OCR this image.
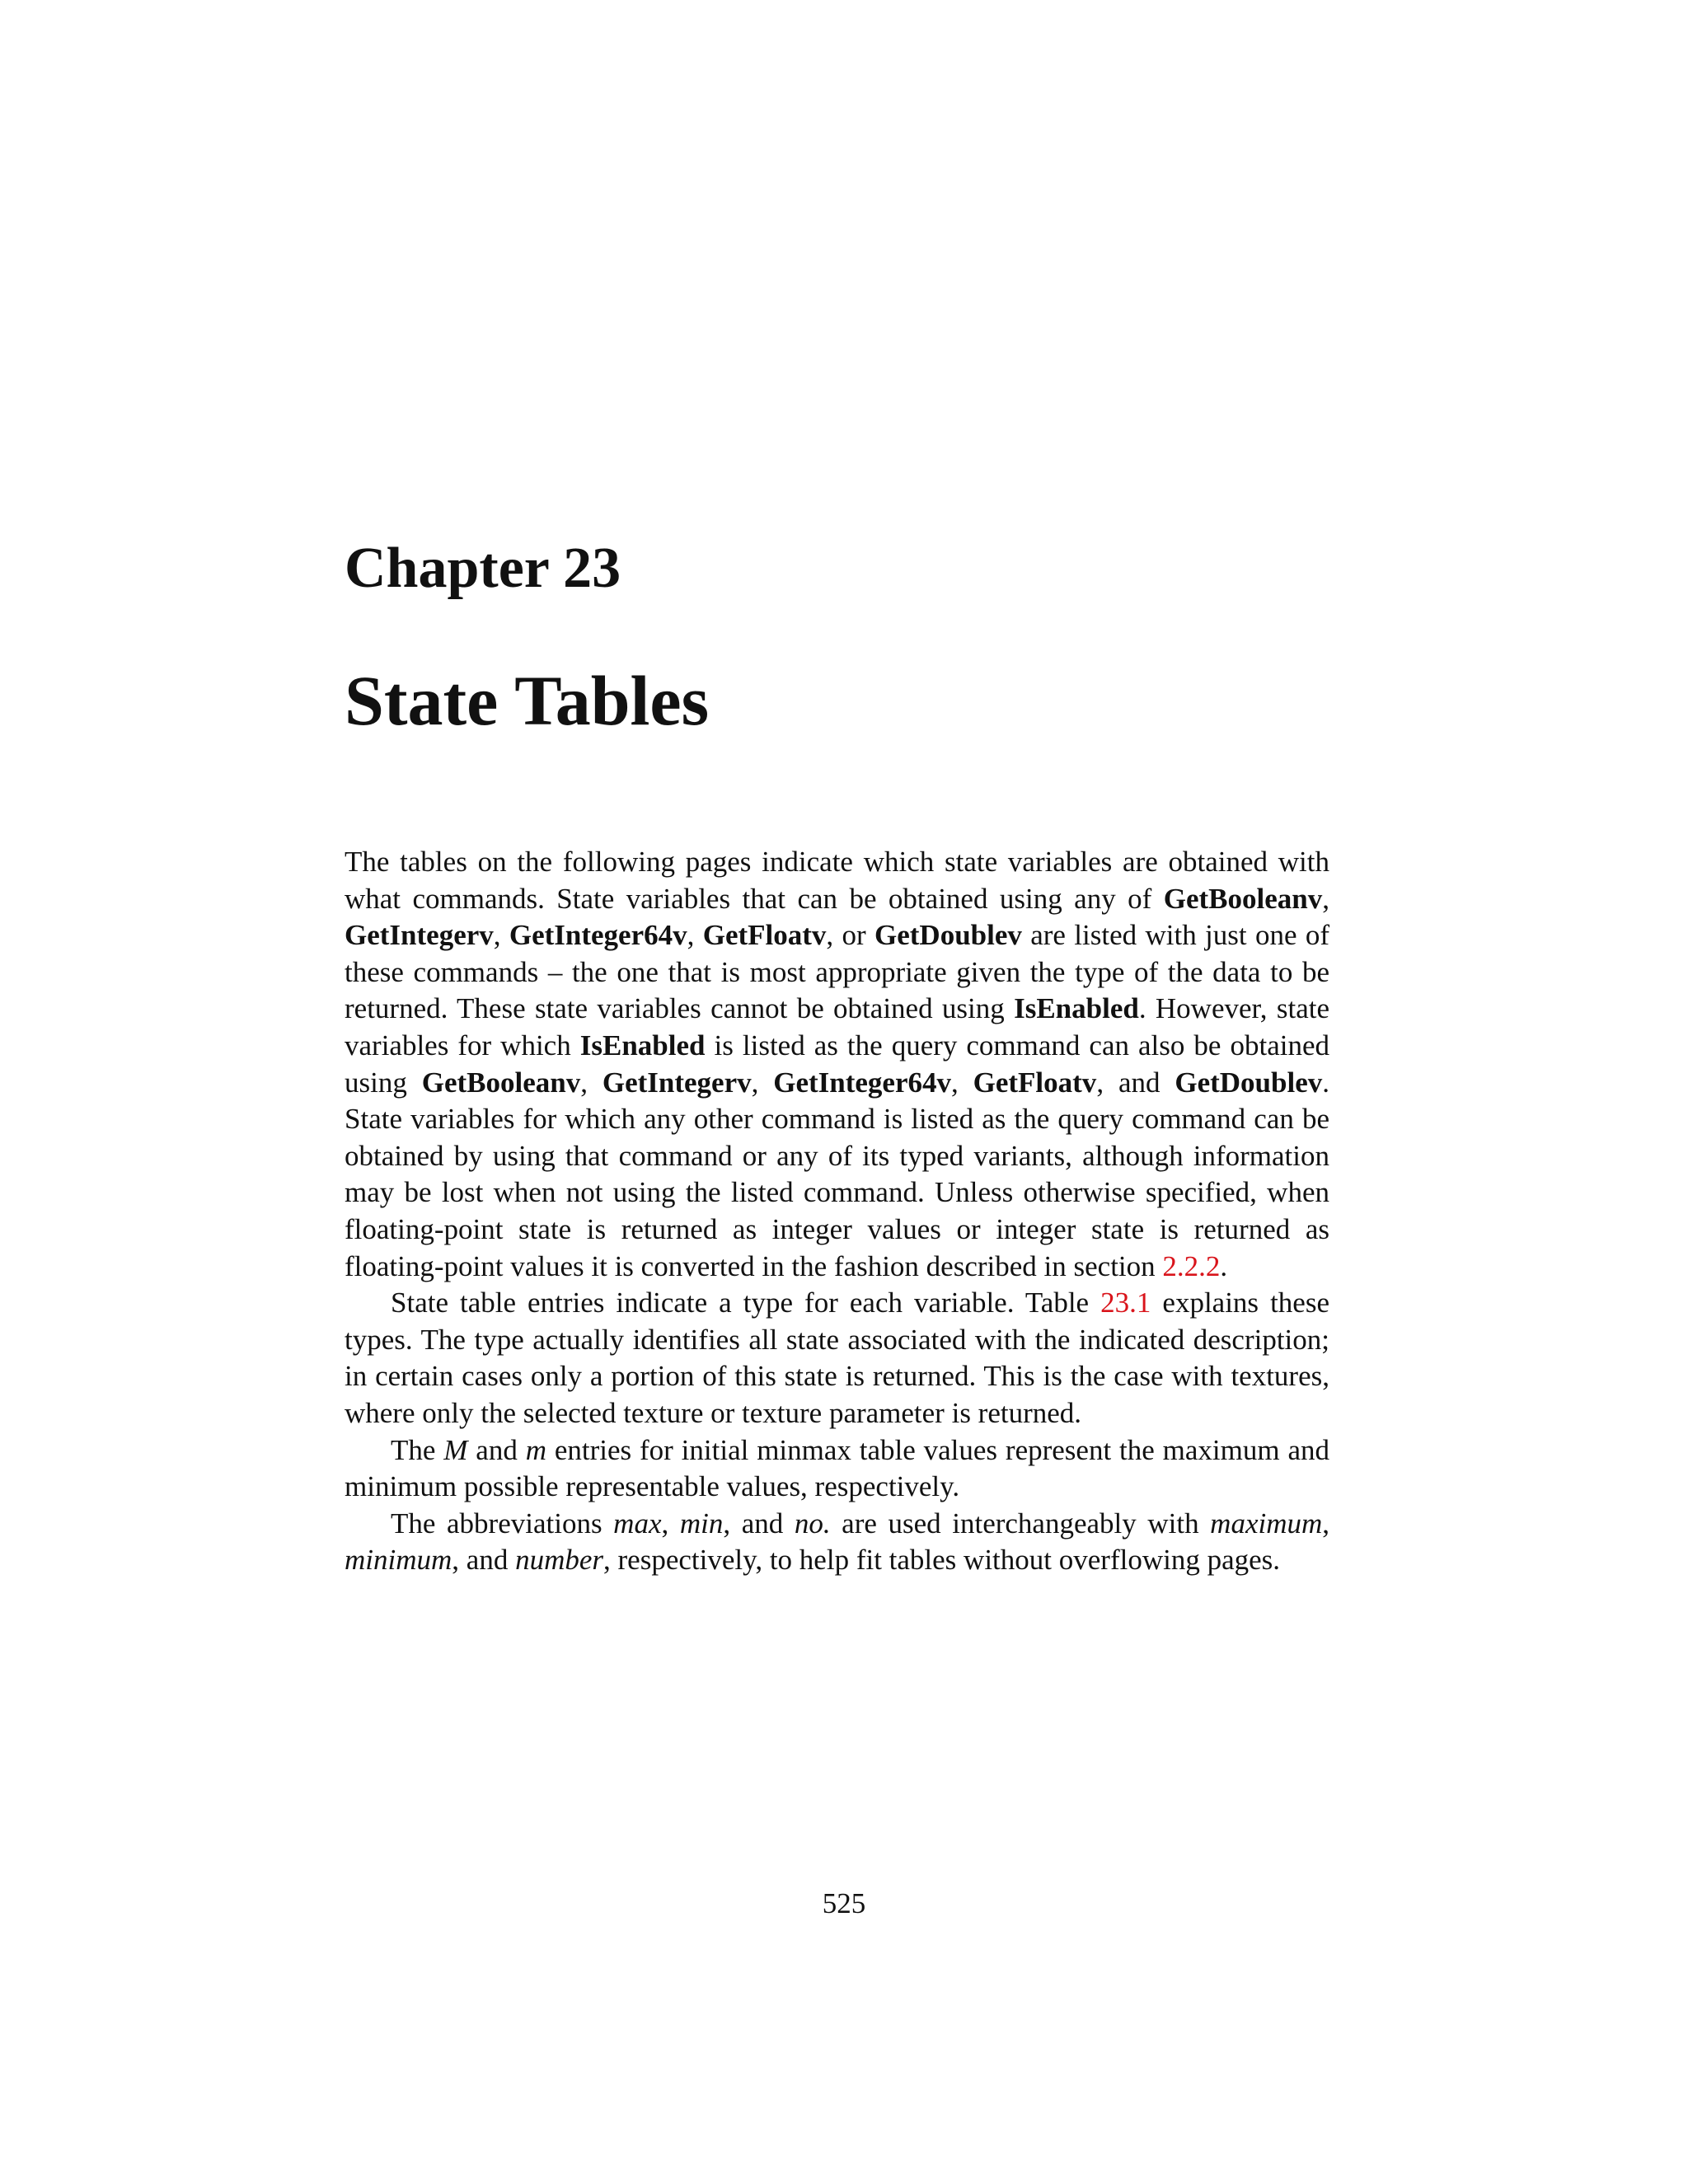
Chapter 23
State Tables

The tables on the following pages indicate which state variables are obtained with what commands. State variables that can be obtained using any of GetBooleanv, GetIntegerv, GetInteger64v, GetFloatv, or GetDoublev are listed with just one of these commands – the one that is most appropriate given the type of the data to be returned. These state variables cannot be obtained using IsEnabled. However, state variables for which IsEnabled is listed as the query command can also be obtained using GetBooleanv, GetIntegerv, GetInteger64v, GetFloatv, and GetDoublev. State variables for which any other command is listed as the query command can be obtained by using that command or any of its typed variants, although information may be lost when not using the listed command. Unless otherwise specified, when floating-point state is returned as integer values or integer state is returned as floating-point values it is converted in the fashion described in section 2.2.2.

State table entries indicate a type for each variable. Table 23.1 explains these types. The type actually identifies all state associated with the indicated description; in certain cases only a portion of this state is returned. This is the case with textures, where only the selected texture or texture parameter is returned.

The M and m entries for initial minmax table values represent the maximum and minimum possible representable values, respectively.

The abbreviations max, min, and no. are used interchangeably with maximum, minimum, and number, respectively, to help fit tables without overflowing pages.

525
